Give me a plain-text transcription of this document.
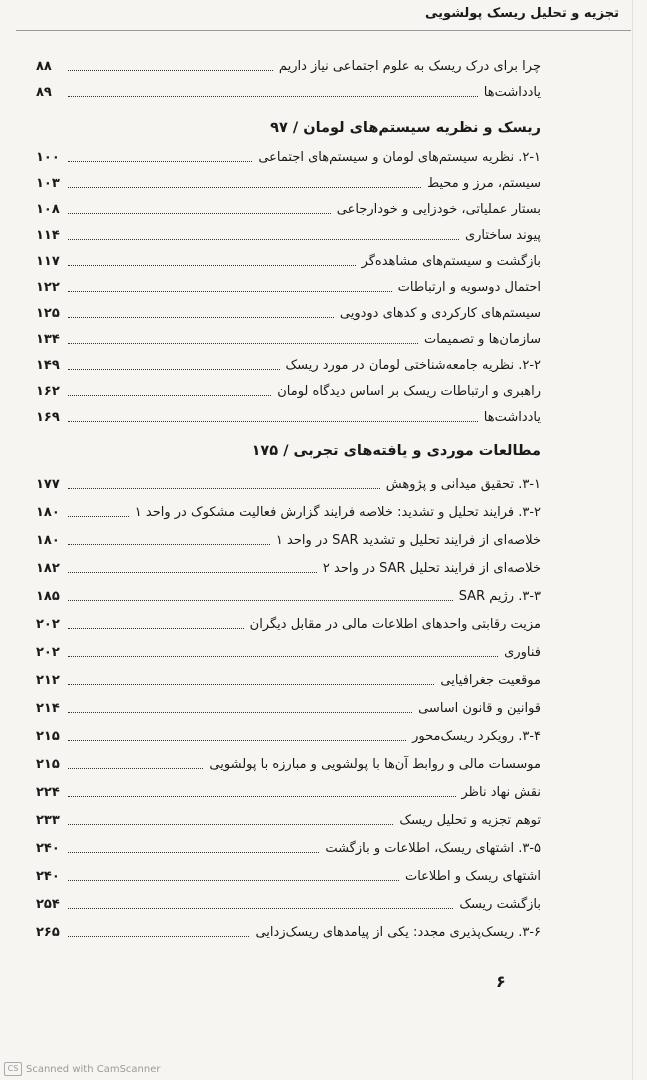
تجزیه و تحلیل ریسک پولشویی
چرا برای درک ریسک به علوم اجتماعی نیاز داریم
۸۸
یادداشت‌ها
۸۹
ریسک و نظریه سیستم‌های لومان / ۹۷
۲-۱. نظریه سیستم‌های لومان و سیستم‌های اجتماعی
۱۰۰
سیستم، مرز و محیط
۱۰۳
بستار عملیاتی، خودزایی و خودارجاعی
۱۰۸
پیوند ساختاری
۱۱۴
بازگشت و سیستم‌های مشاهده‌گر
۱۱۷
احتمال دوسویه و ارتباطات
۱۲۲
سیستم‌های کارکردی و کدهای دودویی
۱۲۵
سازمان‌ها و تصمیمات
۱۳۴
۲-۲. نظریه جامعه‌شناختی لومان در مورد ریسک
۱۴۹
راهبری و ارتباطات ریسک بر اساس دیدگاه لومان
۱۶۲
یادداشت‌ها
۱۶۹
مطالعات موردی و یافته‌های تجربی / ۱۷۵
۳-۱. تحقیق میدانی و پژوهش
۱۷۷
۳-۲. فرایند تحلیل و تشدید: خلاصه فرایند گزارش فعالیت مشکوک در واحد ۱
۱۸۰
خلاصه‌ای از فرایند تحلیل و تشدید SAR در واحد ۱
۱۸۰
خلاصه‌ای از فرایند تحلیل SAR در واحد ۲
۱۸۲
۳-۳. رژیم SAR
۱۸۵
مزیت رقابتی واحدهای اطلاعات مالی در مقابل دیگران
۲۰۲
فناوری
۲۰۲
موقعیت جغرافیایی
۲۱۲
قوانین و قانون اساسی
۲۱۴
۳-۴. رویکرد ریسک‌محور
۲۱۵
موسسات مالی و روابط آن‌ها با پولشویی و مبارزه با پولشویی
۲۱۵
نقش نهاد ناظر
۲۲۴
توهم تجزیه و تحلیل ریسک
۲۳۳
۳-۵. اشتهای ریسک، اطلاعات و بازگشت
۲۴۰
اشتهای ریسک و اطلاعات
۲۴۰
بازگشت ریسک
۲۵۴
۳-۶. ریسک‌پذیری مجدد: یکی از پیامدهای ریسک‌زدایی
۲۶۵
۶
CS Scanned with CamScanner
